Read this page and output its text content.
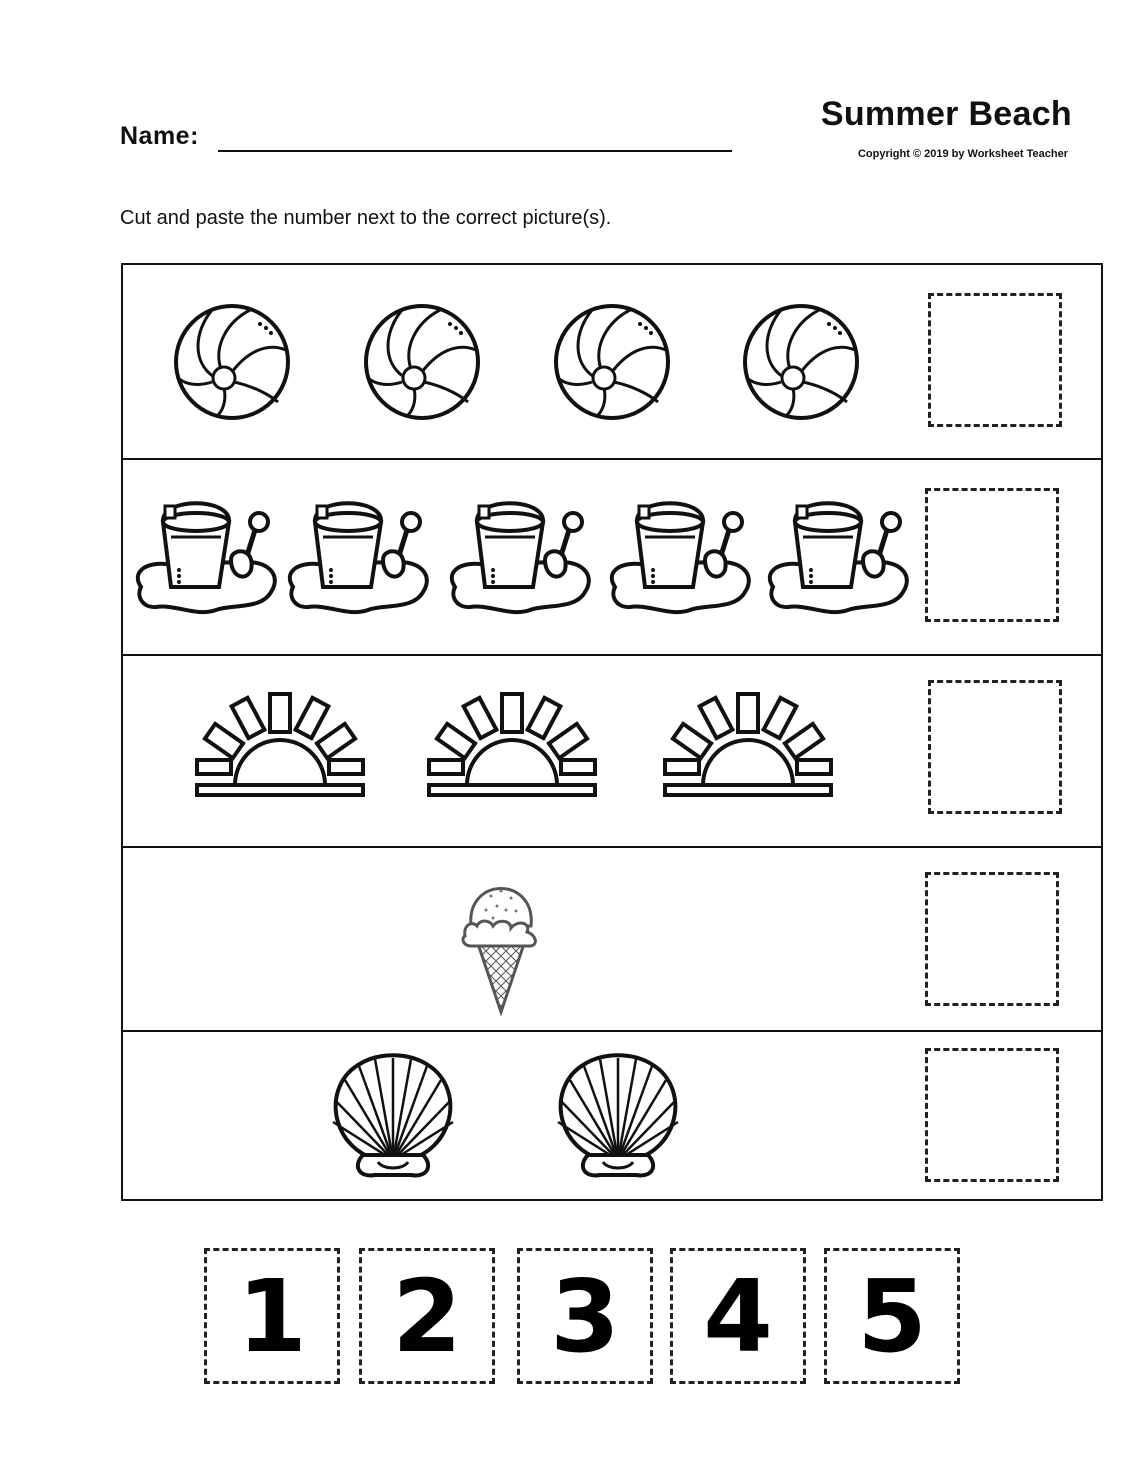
Name:
Summer Beach
Copyright © 2019 by Worksheet Teacher
Cut and paste the number next to the correct picture(s).
1 2 3 4 5
